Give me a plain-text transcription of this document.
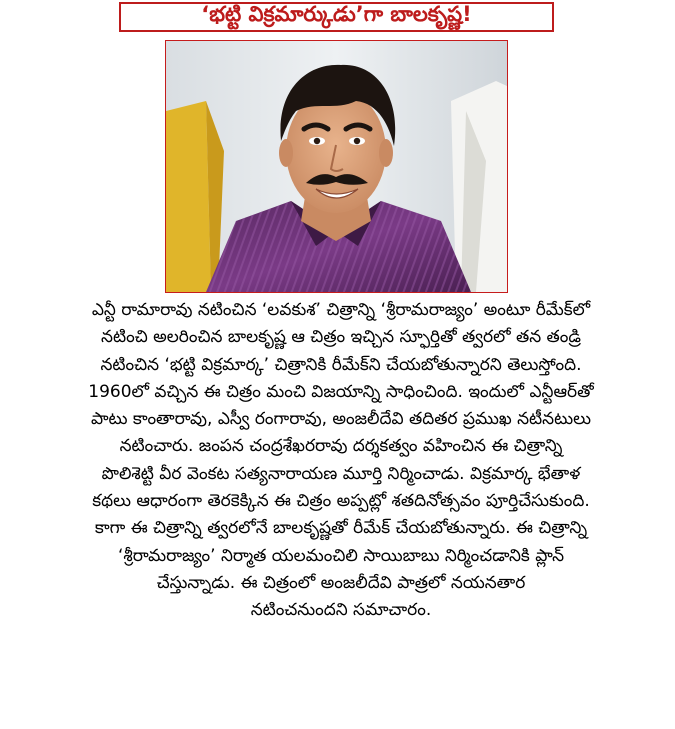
‘భట్టి విక్రమార్కుడు’గా బాలకృష్ణ!
ఎన్టీ రామారావు నటించిన ‘లవకుశ’ చిత్రాన్ని ‘శ్రీరామరాజ్యం’ అంటూ రీమేక్‌లో
నటించి అలరించిన బాలకృష్ణ ఆ చిత్రం ఇచ్చిన స్ఫూర్తితో త్వరలో తన తండ్రి
నటించిన ‘భట్టి విక్రమార్క’ చిత్రానికి రీమేక్‌ని చేయబోతున్నారని తెలుస్తోంది.
1960లో వచ్చిన ఈ చిత్రం మంచి విజయాన్ని సాధించింది. ఇందులో ఎన్టీఆర్‌తో
పాటు కాంతారావు, ఎస్వీ రంగారావు, అంజలీదేవి తదితర ప్రముఖ నటీనటులు
నటించారు. జంపన చంద్రశేఖరరావు దర్శకత్వం వహించిన ఈ చిత్రాన్ని
పొలిశెట్టి వీర వెంకట సత్యనారాయణ మూర్తి నిర్మించాడు. విక్రమార్క భేతాళ
కథలు ఆధారంగా తెరకెక్కిన ఈ చిత్రం అప్పట్లో శతదినోత్సవం పూర్తిచేసుకుంది.
కాగా ఈ చిత్రాన్ని త్వరలోనే బాలకృష్ణతో రీమేక్ చేయబోతున్నారు. ఈ చిత్రాన్ని
‘శ్రీరామరాజ్యం’ నిర్మాత యలమంచిలి సాయిబాబు నిర్మించడానికి ప్లాన్
చేస్తున్నాడు. ఈ చిత్రంలో అంజలీదేవి పాత్రలో నయనతార
నటించనుందని సమాచారం.
